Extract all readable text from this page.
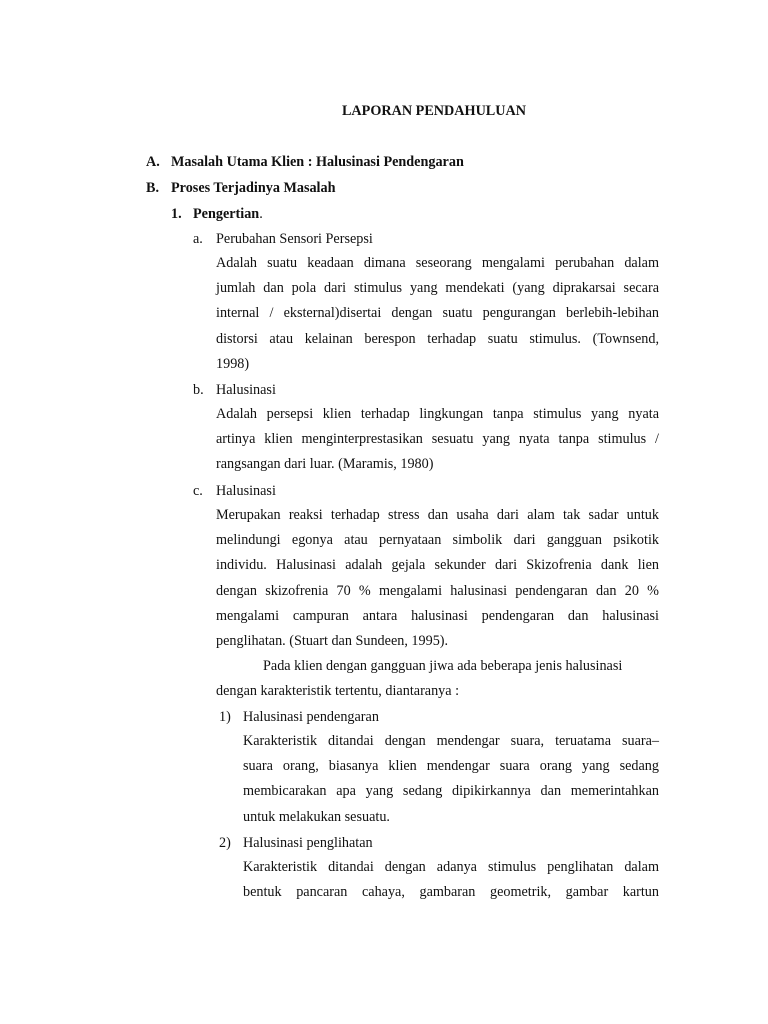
LAPORAN PENDAHULUAN
A. Masalah Utama Klien : Halusinasi Pendengaran
B. Proses Terjadinya Masalah
1. Pengertian.
a. Perubahan Sensori Persepsi
Adalah suatu keadaan dimana seseorang mengalami perubahan dalam
jumlah dan pola dari stimulus yang mendekati (yang diprakarsai secara
internal / eksternal)disertai dengan suatu pengurangan berlebih-lebihan
distorsi atau kelainan berespon terhadap suatu stimulus. (Townsend,
1998)
b. Halusinasi
Adalah persepsi klien terhadap lingkungan tanpa stimulus yang nyata
artinya klien menginterprestasikan sesuatu yang nyata tanpa stimulus /
rangsangan dari luar. (Maramis, 1980)
c. Halusinasi
Merupakan reaksi terhadap stress dan usaha dari alam tak sadar untuk
melindungi egonya atau pernyataan simbolik dari gangguan psikotik
individu. Halusinasi adalah gejala sekunder dari Skizofrenia dank lien
dengan skizofrenia 70 % mengalami halusinasi pendengaran dan 20 %
mengalami campuran antara halusinasi pendengaran dan halusinasi
penglihatan. (Stuart dan Sundeen, 1995).
Pada klien dengan gangguan jiwa ada beberapa jenis halusinasi
dengan karakteristik tertentu, diantaranya :
1) Halusinasi pendengaran
Karakteristik ditandai dengan mendengar suara, teruatama suara–
suara orang, biasanya klien mendengar suara orang yang sedang
membicarakan apa yang sedang dipikirkannya dan memerintahkan
untuk melakukan sesuatu.
2) Halusinasi penglihatan
Karakteristik ditandai dengan adanya stimulus penglihatan dalam
bentuk pancaran cahaya, gambaran geometrik, gambar kartun
